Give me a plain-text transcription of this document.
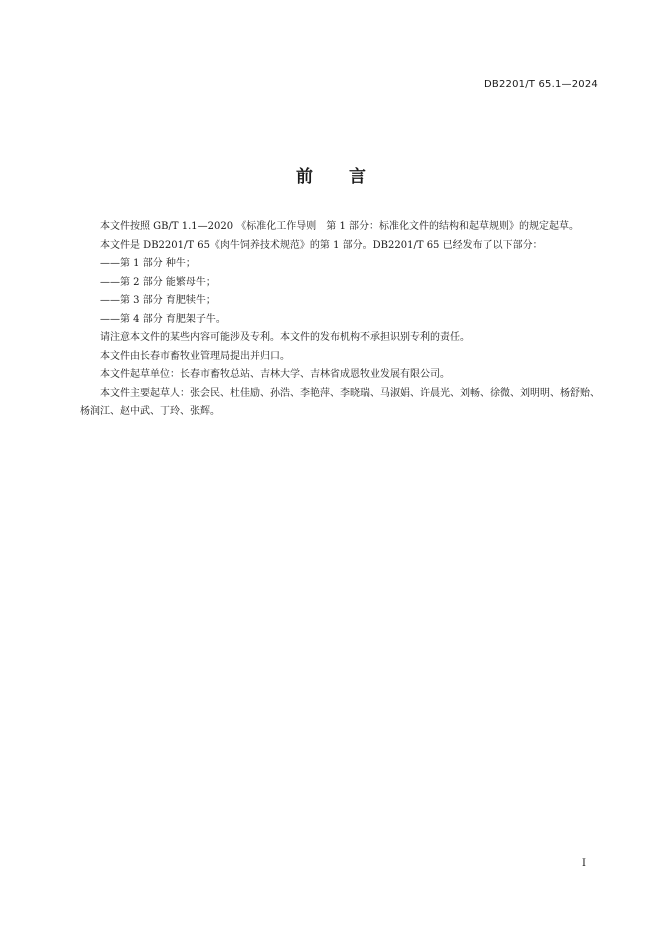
DB2201/T 65.1—2024
前 言

本文件按照 GB/T 1.1—2020 《标准化工作导则　第 1 部分：标准化文件的结构和起草规则》的规定起草。

本文件是 DB2201/T 65《肉牛饲养技术规范》的第 1 部分。DB2201/T 65 已经发布了以下部分：

——第 1 部分 种牛；

——第 2 部分 能繁母牛；

——第 3 部分 育肥犊牛；

——第 4 部分 育肥架子牛。

请注意本文件的某些内容可能涉及专利。本文件的发布机构不承担识别专利的责任。

本文件由长春市畜牧业管理局提出并归口。

本文件起草单位：长春市畜牧总站、吉林大学、吉林省成恩牧业发展有限公司。

本文件主要起草人：张会民、杜佳励、孙浩、李艳萍、李晓瑞、马淑娟、许晨光、刘畅、徐微、刘明明、杨舒贻、杨润江、赵中武、丁玲、张辉。

I
